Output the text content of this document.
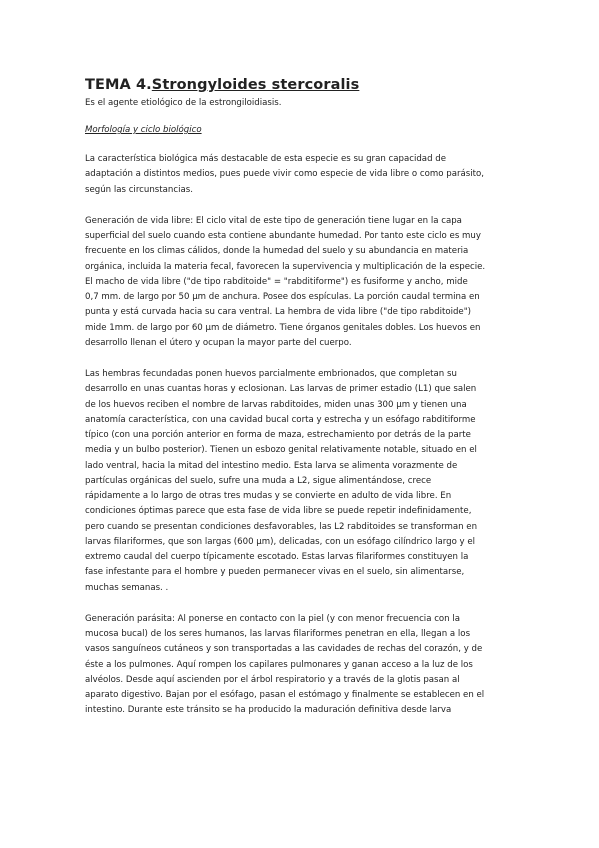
TEMA 4.Strongyloides stercoralis
Es el agente etiológico de la estrongiloidiasis.
Morfología y ciclo biológico
La característica biológica más destacable de esta especie es su gran capacidad de
adaptación a distintos medios, pues puede vivir como especie de vida libre o como parásito,
según las circunstancias.
Generación de vida libre: El ciclo vital de este tipo de generación tiene lugar en la capa
superficial del suelo cuando esta contiene abundante humedad. Por tanto este ciclo es muy
frecuente en los climas cálidos, donde la humedad del suelo y su abundancia en materia
orgánica, incluida la materia fecal, favorecen la supervivencia y multiplicación de la especie.
El macho de vida libre ("de tipo rabditoide" = "rabditiforme") es fusiforme y ancho, mide
0,7 mm. de largo por 50 µm de anchura. Posee dos espículas. La porción caudal termina en
punta y está curvada hacia su cara ventral. La hembra de vida libre ("de tipo rabditoide")
mide 1mm. de largo por 60 µm de diámetro. Tiene órganos genitales dobles. Los huevos en
desarrollo llenan el útero y ocupan la mayor parte del cuerpo.
Las hembras fecundadas ponen huevos parcialmente embrionados, que completan su
desarrollo en unas cuantas horas y eclosionan. Las larvas de primer estadio (L1) que salen
de los huevos reciben el nombre de larvas rabditoides, miden unas 300 µm y tienen una
anatomía característica, con una cavidad bucal corta y estrecha y un esófago rabditiforme
típico (con una porción anterior en forma de maza, estrechamiento por detrás de la parte
media y un bulbo posterior). Tienen un esbozo genital relativamente notable, situado en el
lado ventral, hacia la mitad del intestino medio. Esta larva se alimenta vorazmente de
partículas orgánicas del suelo, sufre una muda a L2, sigue alimentándose, crece
rápidamente a lo largo de otras tres mudas y se convierte en adulto de vida libre. En
condiciones óptimas parece que esta fase de vida libre se puede repetir indefinidamente,
pero cuando se presentan condiciones desfavorables, las L2 rabditoides se transforman en
larvas filariformes, que son largas (600 µm), delicadas, con un esófago cilíndrico largo y el
extremo caudal del cuerpo típicamente escotado. Estas larvas filariformes constituyen la
fase infestante para el hombre y pueden permanecer vivas en el suelo, sin alimentarse,
muchas semanas. .
Generación parásita: Al ponerse en contacto con la piel (y con menor frecuencia con la
mucosa bucal) de los seres humanos, las larvas filariformes penetran en ella, llegan a los
vasos sanguíneos cutáneos y son transportadas a las cavidades de rechas del corazón, y de
éste a los pulmones. Aquí rompen los capilares pulmonares y ganan acceso a la luz de los
alvéolos. Desde aquí ascienden por el árbol respiratorio y a través de la glotis pasan al
aparato digestivo. Bajan por el esófago, pasan el estómago y finalmente se establecen en el
intestino. Durante este tránsito se ha producido la maduración definitiva desde larva
